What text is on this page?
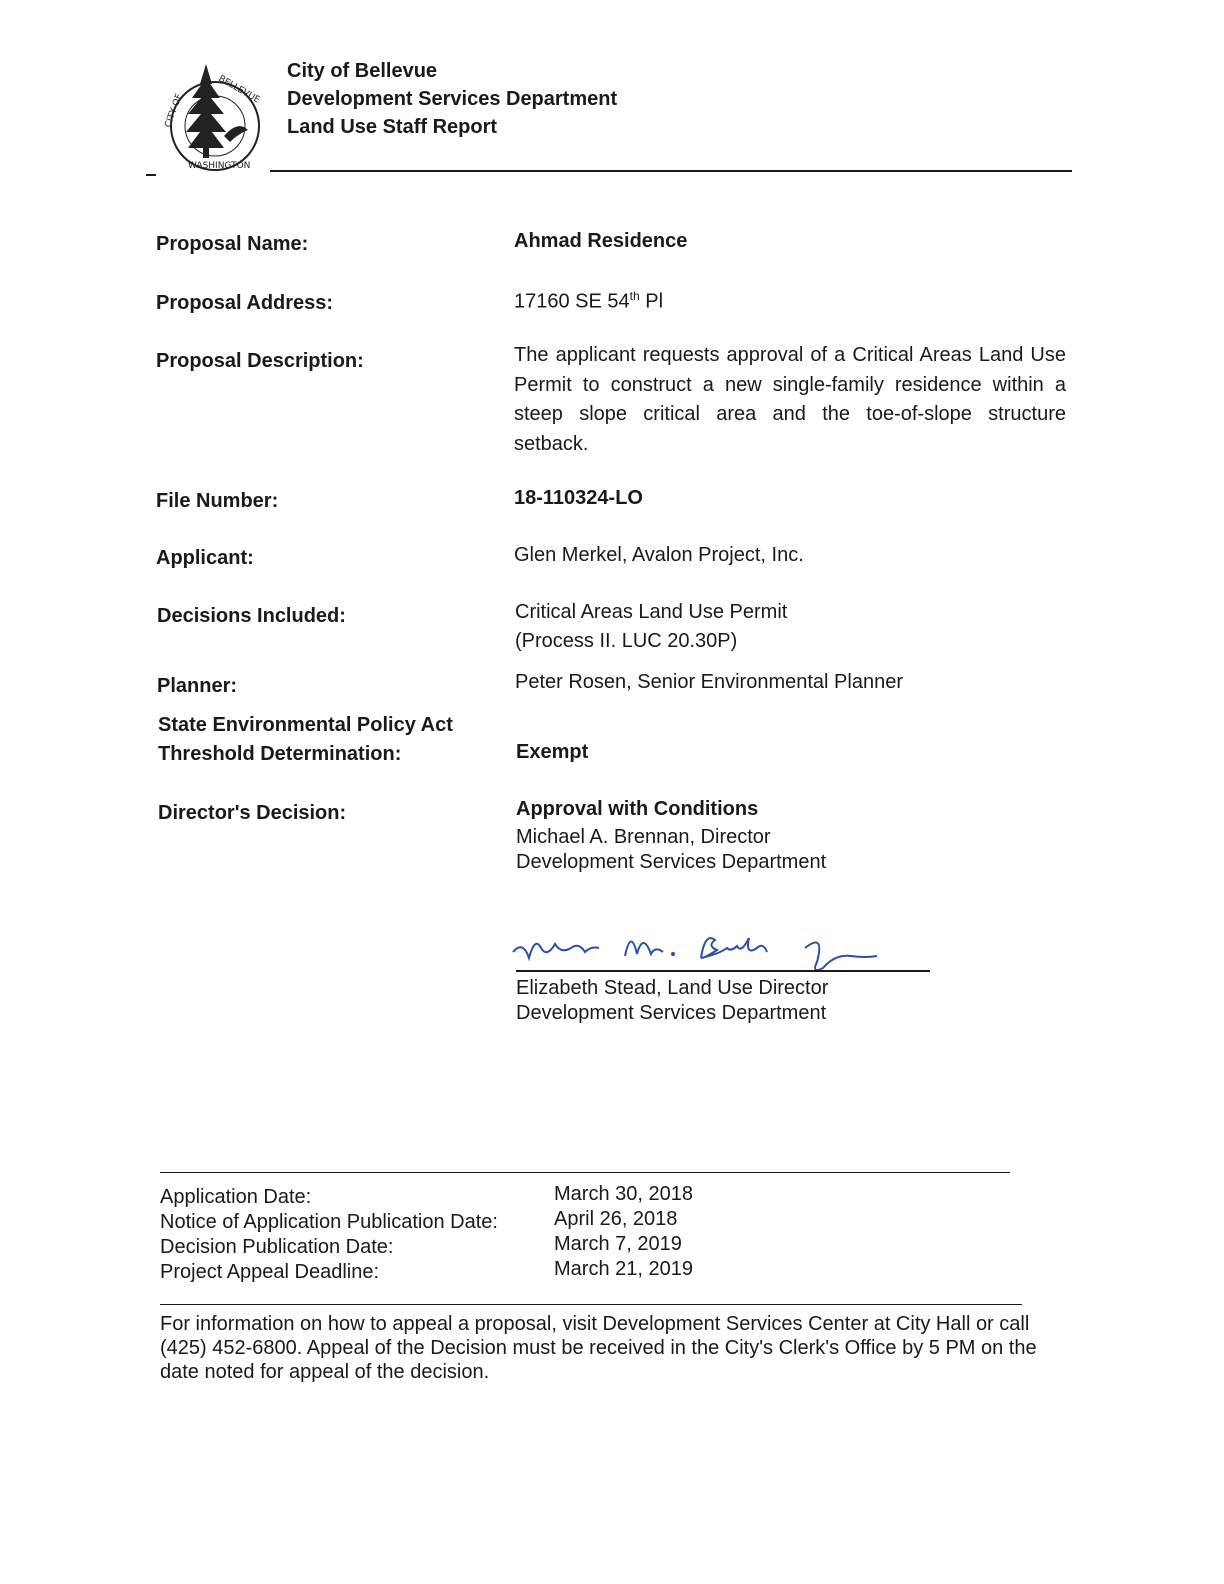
CITY OF
BELLEVUE
WASHINGTON
City of Bellevue
Development Services Department
Land Use Staff Report
Proposal Name:	Ahmad Residence
Proposal Address:	17160 SE 54th Pl
Proposal Description:	The applicant requests approval of a Critical Areas Land Use Permit to construct a new single-family residence within a steep slope critical area and the toe-of-slope structure setback.
File Number:	18-110324-LO
Applicant:	Glen Merkel, Avalon Project, Inc.
Decisions Included:	Critical Areas Land Use Permit
(Process II. LUC 20.30P)
Planner:	Peter Rosen, Senior Environmental Planner
State Environmental Policy Act
Threshold Determination:	Exempt
Director's Decision:	Approval with Conditions
Michael A. Brennan, Director
Development Services Department
Elizabeth Stead, Land Use Director
Development Services Department
Application Date:	March 30, 2018
Notice of Application Publication Date:	April 26, 2018
Decision Publication Date:	March 7, 2019
Project Appeal Deadline:	March 21, 2019
For information on how to appeal a proposal, visit Development Services Center at City Hall or call (425) 452-6800. Appeal of the Decision must be received in the City's Clerk's Office by 5 PM on the date noted for appeal of the decision.
